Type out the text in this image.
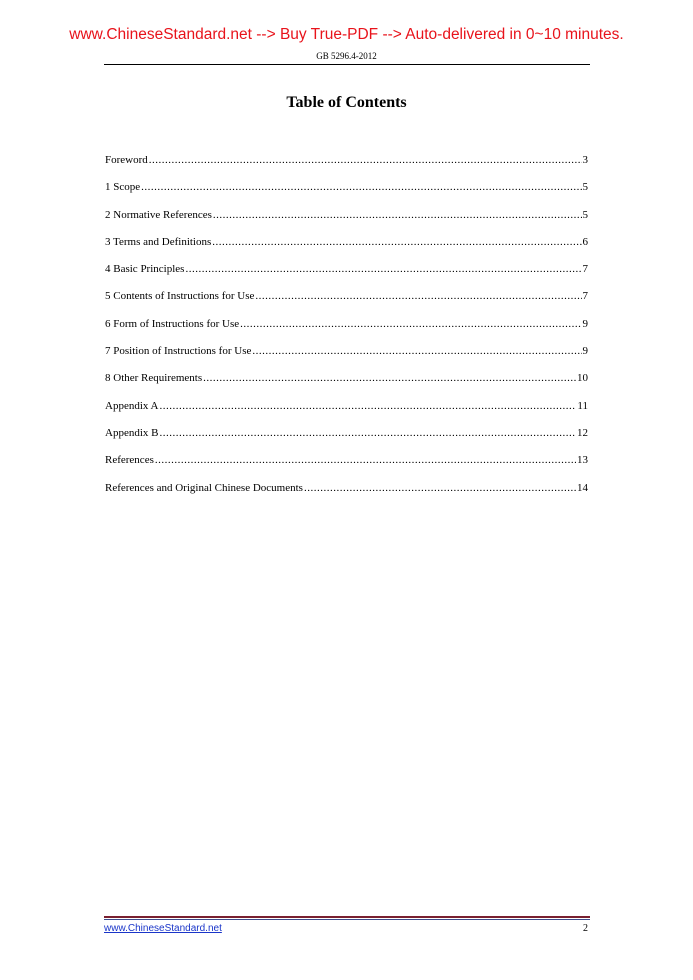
www.ChineseStandard.net --> Buy True-PDF --> Auto-delivered in 0~10 minutes.
GB 5296.4-2012
Table of Contents
Foreword .....	3
1 Scope .....	5
2 Normative References .....	5
3 Terms and Definitions .....	6
4 Basic Principles .....	7
5 Contents of Instructions for Use .....	7
6 Form of Instructions for Use .....	9
7 Position of Instructions for Use .....	9
8 Other Requirements .....	10
Appendix A .....	11
Appendix B .....	12
References .....	13
References and Original Chinese Documents .....	14
www.ChineseStandard.net	2
